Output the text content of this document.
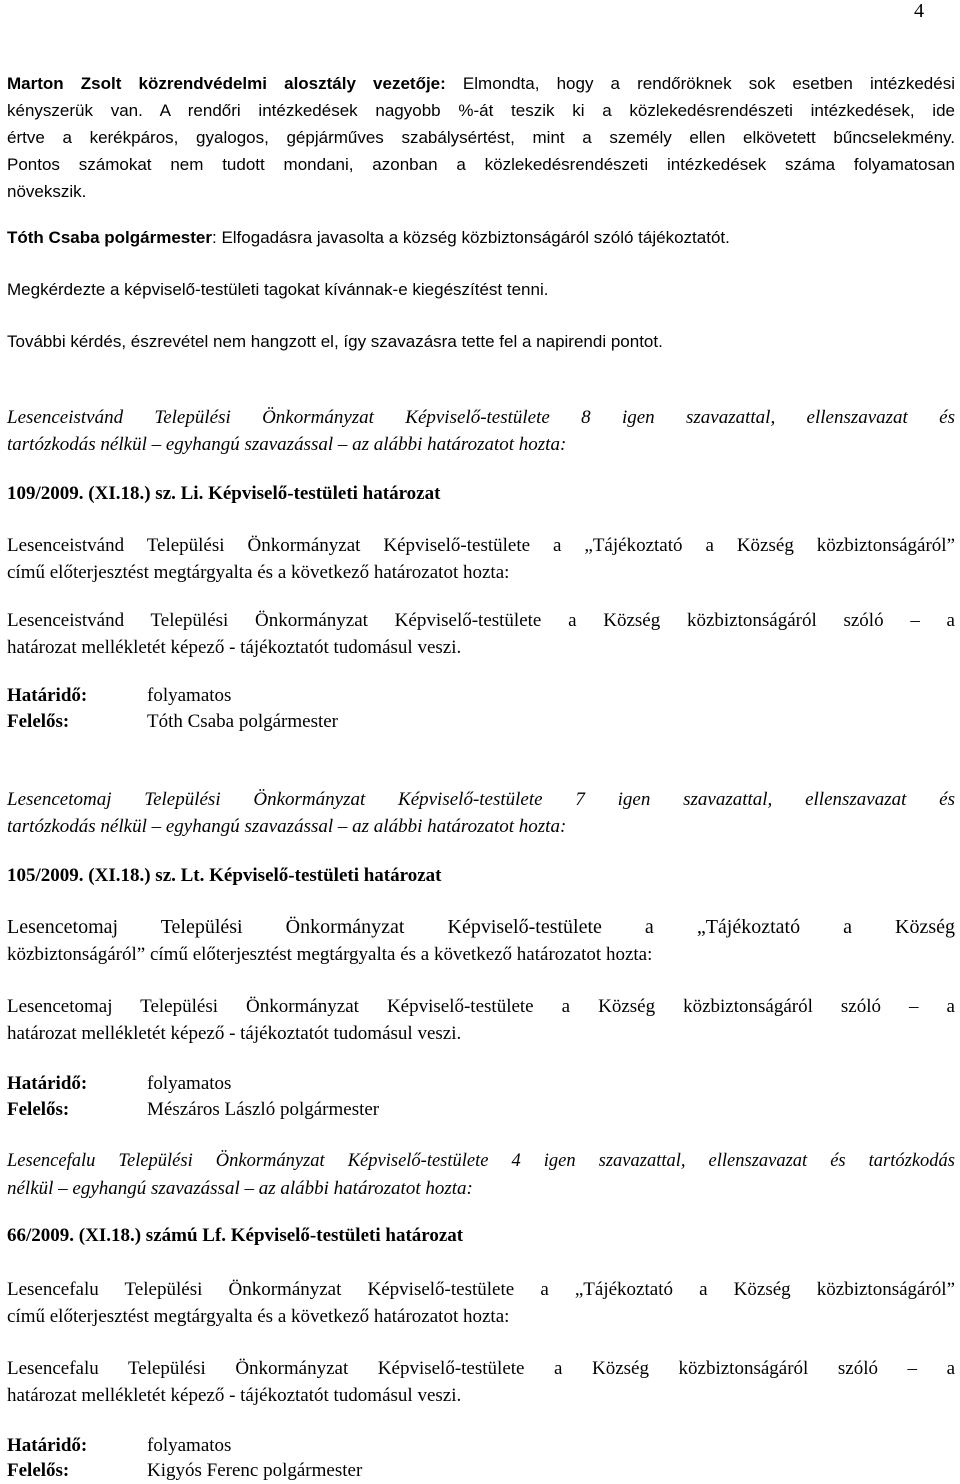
4
Marton Zsolt közrendvédelmi alosztály vezetője: Elmondta, hogy a rendőröknek sok esetben intézkedési
kényszerük van. A rendőri intézkedések nagyobb %-át teszik ki a közlekedésrendészeti intézkedések, ide
értve a kerékpáros, gyalogos, gépjárműves szabálysértést, mint a személy ellen elkövetett bűncselekmény.
Pontos számokat nem tudott mondani, azonban a közlekedésrendészeti intézkedések száma folyamatosan
növekszik.
Tóth Csaba polgármester: Elfogadásra javasolta a község közbiztonságáról szóló tájékoztatót.
Megkérdezte a képviselő-testületi tagokat kívánnak-e kiegészítést tenni.
További kérdés, észrevétel nem hangzott el, így szavazásra tette fel a napirendi pontot.
Lesenceistvánd Települési Önkormányzat Képviselő-testülete 8 igen szavazattal, ellenszavazat és
tartózkodás nélkül – egyhangú szavazással – az alábbi határozatot hozta:
109/2009. (XI.18.) sz. Li. Képviselő-testületi határozat
Lesenceistvánd Települési Önkormányzat Képviselő-testülete a „Tájékoztató a Község közbiztonságáról”
című előterjesztést megtárgyalta és a következő határozatot hozta:
Lesenceistvánd Települési Önkormányzat Képviselő-testülete a Község közbiztonságáról szóló – a
határozat mellékletét képező - tájékoztatót tudomásul veszi.
Határidő:	folyamatos
Felelős:	Tóth Csaba polgármester
Lesencetomaj Települési Önkormányzat Képviselő-testülete 7 igen szavazattal, ellenszavazat és
tartózkodás nélkül – egyhangú szavazással – az alábbi határozatot hozta:
105/2009. (XI.18.) sz. Lt. Képviselő-testületi határozat
Lesencetomaj Települési Önkormányzat Képviselő-testülete a „Tájékoztató a Község
közbiztonságáról” című előterjesztést megtárgyalta és a következő határozatot hozta:
Lesencetomaj Települési Önkormányzat Képviselő-testülete a Község közbiztonságáról szóló – a
határozat mellékletét képező - tájékoztatót tudomásul veszi.
Határidő:	folyamatos
Felelős:	Mészáros László polgármester
Lesencefalu Települési Önkormányzat Képviselő-testülete 4 igen szavazattal, ellenszavazat és tartózkodás
nélkül – egyhangú szavazással – az alábbi határozatot hozta:
66/2009. (XI.18.) számú Lf. Képviselő-testületi határozat
Lesencefalu Települési Önkormányzat Képviselő-testülete a „Tájékoztató a Község közbiztonságáról”
című előterjesztést megtárgyalta és a következő határozatot hozta:
Lesencefalu Települési Önkormányzat Képviselő-testülete a Község közbiztonságáról szóló – a
határozat mellékletét képező - tájékoztatót tudomásul veszi.
Határidő:	folyamatos
Felelős:	Kigyós Ferenc polgármester
